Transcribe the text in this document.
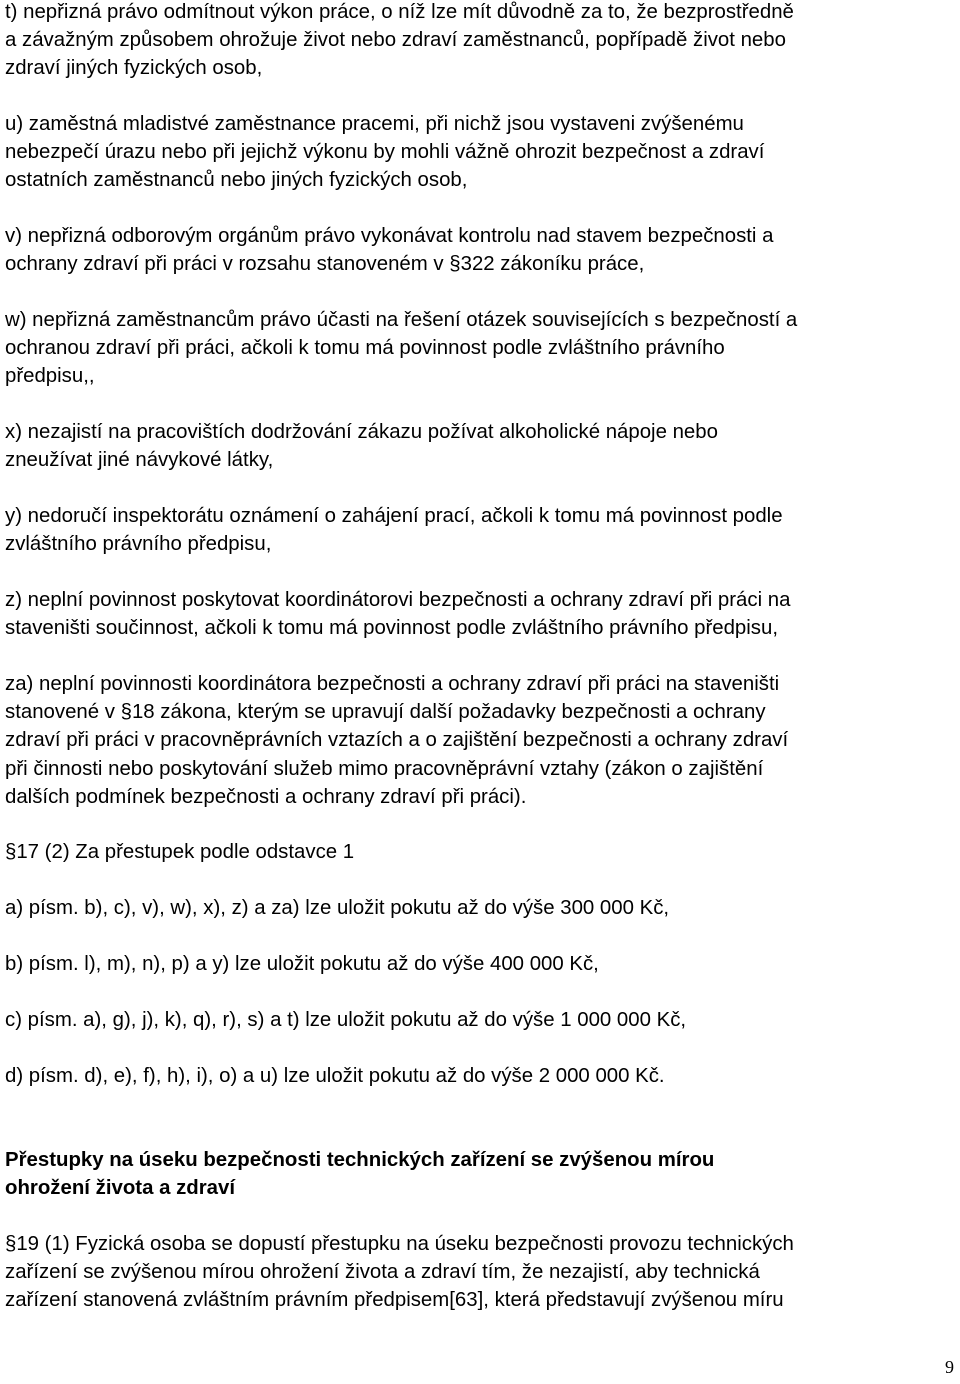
t) nepřizná právo odmítnout výkon práce, o níž lze mít důvodně za to, že bezprostředně
a závažným způsobem ohrožuje život nebo zdraví zaměstnanců, popřípadě život nebo
zdraví jiných fyzických osob,

u) zaměstná mladistvé zaměstnance pracemi, při nichž jsou vystaveni zvýšenému
nebezpečí úrazu nebo při jejichž výkonu by mohli vážně ohrozit bezpečnost a zdraví
ostatních zaměstnanců nebo jiných fyzických osob,

v) nepřizná odborovým orgánům právo vykonávat kontrolu nad stavem bezpečnosti a
ochrany zdraví při práci v rozsahu stanoveném v §322 zákoníku práce,

w) nepřizná zaměstnancům právo účasti na řešení otázek souvisejících s bezpečností a
ochranou zdraví při práci, ačkoli k tomu má povinnost podle zvláštního právního
předpisu,,

x) nezajistí na pracovištích dodržování zákazu požívat alkoholické nápoje nebo
zneužívat jiné návykové látky,

y) nedoručí inspektorátu oznámení o zahájení prací, ačkoli k tomu má povinnost podle
zvláštního právního předpisu,

z) neplní povinnost poskytovat koordinátorovi bezpečnosti a ochrany zdraví při práci na
staveništi součinnost, ačkoli k tomu má povinnost podle zvláštního právního předpisu,

za) neplní povinnosti koordinátora bezpečnosti a ochrany zdraví při práci na staveništi
stanovené v §18 zákona, kterým se upravují další požadavky bezpečnosti a ochrany
zdraví při práci v pracovněprávních vztazích a o zajištění bezpečnosti a ochrany zdraví
při činnosti nebo poskytování služeb mimo pracovněprávní vztahy (zákon o zajištění
dalších podmínek bezpečnosti a ochrany zdraví při práci).

§17 (2) Za přestupek podle odstavce 1

a) písm. b), c), v), w), x), z) a za) lze uložit pokutu až do výše 300 000 Kč,

b) písm. l), m), n), p) a y) lze uložit pokutu až do výše 400 000 Kč,

c) písm. a), g), j), k), q), r), s) a t) lze uložit pokutu až do výše 1 000 000 Kč,

d) písm. d), e), f), h), i), o) a u) lze uložit pokutu až do výše 2 000 000 Kč.

Přestupky na úseku bezpečnosti technických zařízení se zvýšenou mírou
ohrožení života a zdraví

§19 (1) Fyzická osoba se dopustí přestupku na úseku bezpečnosti provozu technických
zařízení se zvýšenou mírou ohrožení života a zdraví tím, že nezajistí, aby technická
zařízení stanovená zvláštním právním předpisem[63], která představují zvýšenou míru

9
